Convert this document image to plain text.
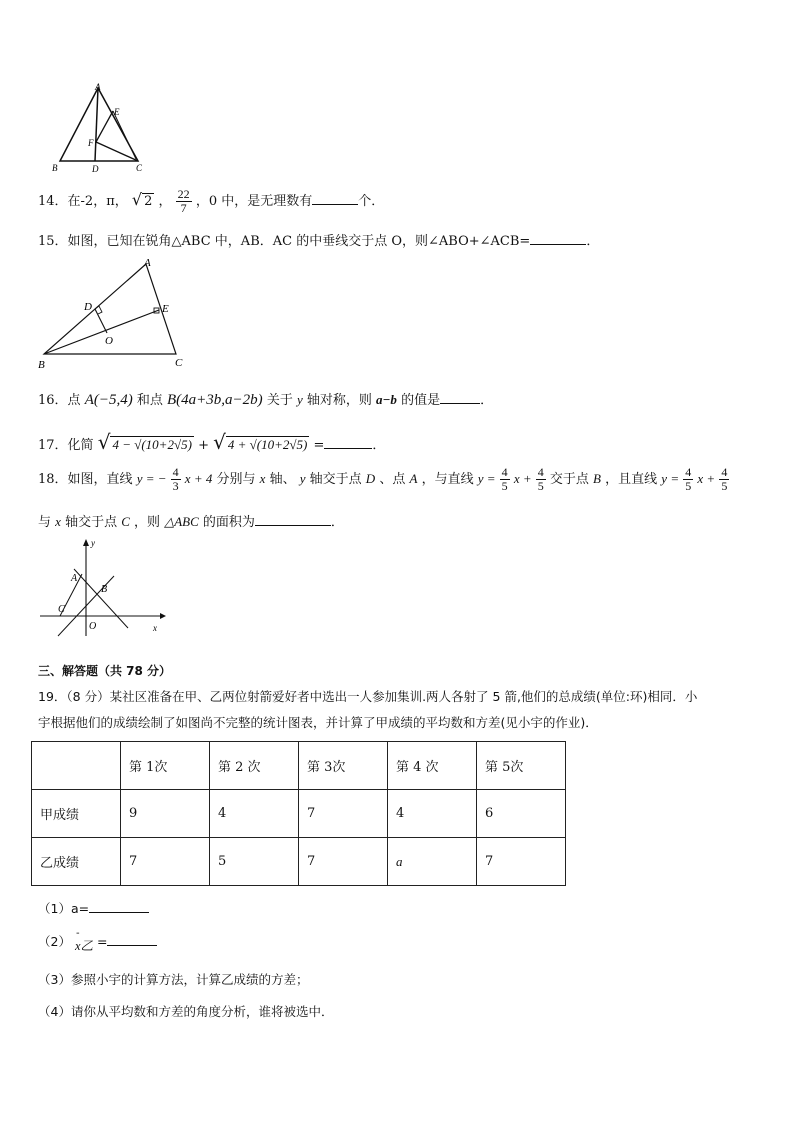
A
E
F
B	D	C
14．在-2，π， √ 2 ， $\frac{22}{7}$ ，0 中，是无理数有	个．
15．如图，已知在锐角△ABC 中，AB．AC 的中垂线交于点 O，则∠ABO+∠ACB=	．
A
D	E
O
B	C
16．点 A(−5,4) 和点 B(4a+3b,a−2b) 关于 y 轴对称，则 a−b 的值是	．
17．化简 √ 4 − √(10+2√5) + √ 4 + √(10+2√5) =	．
18．如图，直线 y = − $\frac{4}{3}$ x + 4 分别与 x 轴、 y 轴交于点 D 、点 A ，与直线 $y = \frac{4}{5}$ $x + \frac{4}{5}$ 交于点 B ，且直线 $y = \frac{4}{5}$ $x + \frac{4}{5}$
与 x 轴交于点 C ，则 △ABC 的面积为	．
y
A
B
C
O	x
三、解答题（共 78 分）
19．（8 分）某社区准备在甲、乙两位射箭爱好者中选出一人参加集训.两人各射了 5 箭,他们的总成绩(单位:环)相同．小
宇根据他们的成绩绘制了如图尚不完整的统计图表，并计算了甲成绩的平均数和方差(见小宇的作业)．
	第 1次	第 2 次	第 3次	第 4 次	第 5次
甲成绩	9	4	7	4	6
乙成绩	7	5	7	a	7
（1）a=
（2）
-
x乙 =
（3）参照小宇的计算方法，计算乙成绩的方差；
（4）请你从平均数和方差的角度分析，谁将被选中．
